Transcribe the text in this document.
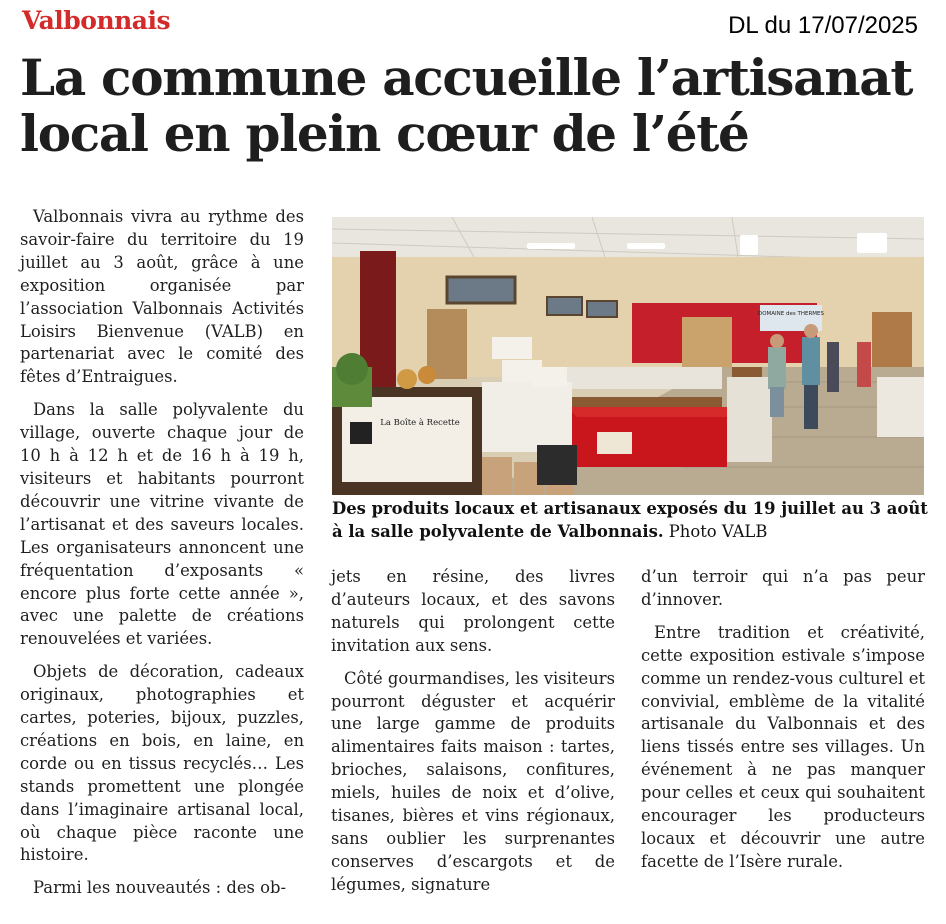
Valbonnais	DL du 17/07/2025
La commune accueille l’artisanat local en plein cœur de l’été

Valbonnais vivra au rythme des savoir-faire du territoire du 19 juillet au 3 août, grâce à une exposition organisée par l’association Valbonnais Activités Loisirs Bienvenue (VALB) en partenariat avec le comité des fêtes d’Entraigues.

Dans la salle polyvalente du village, ouverte chaque jour de 10 h à 12 h et de 16 h à 19 h, visiteurs et habitants pourront découvrir une vitrine vivante de l’artisanat et des saveurs locales. Les organisateurs annoncent une fréquentation d’exposants « encore plus forte cette année », avec une palette de créations renouvelées et variées.

Objets de décoration, cadeaux originaux, photographies et cartes, poteries, bijoux, puzzles, créations en bois, en laine, en corde ou en tissus recyclés… Les stands promettent une plongée dans l’imaginaire artisanal local, où chaque pièce raconte une histoire.

Parmi les nouveautés : des ob-

DOMAINE des THERMES
La Boîte à Recette
Des produits locaux et artisanaux exposés du 19 juillet au 3 août à la salle polyvalente de Valbonnais. Photo VALB

jets en résine, des livres d’auteurs locaux, et des savons naturels qui prolongent cette invitation aux sens.

Côté gourmandises, les visiteurs pourront déguster et acquérir une large gamme de produits alimentaires faits maison : tartes, brioches, salaisons, confitures, miels, huiles de noix et d’olive, tisanes, bières et vins régionaux, sans oublier les surprenantes conserves d’escargots et de légumes, signature

d’un terroir qui n’a pas peur d’innover.

Entre tradition et créativité, cette exposition estivale s’impose comme un rendez-vous culturel et convivial, emblème de la vitalité artisanale du Valbonnais et des liens tissés entre ses villages. Un événement à ne pas manquer pour celles et ceux qui souhaitent encourager les producteurs locaux et découvrir une autre facette de l’Isère rurale.
